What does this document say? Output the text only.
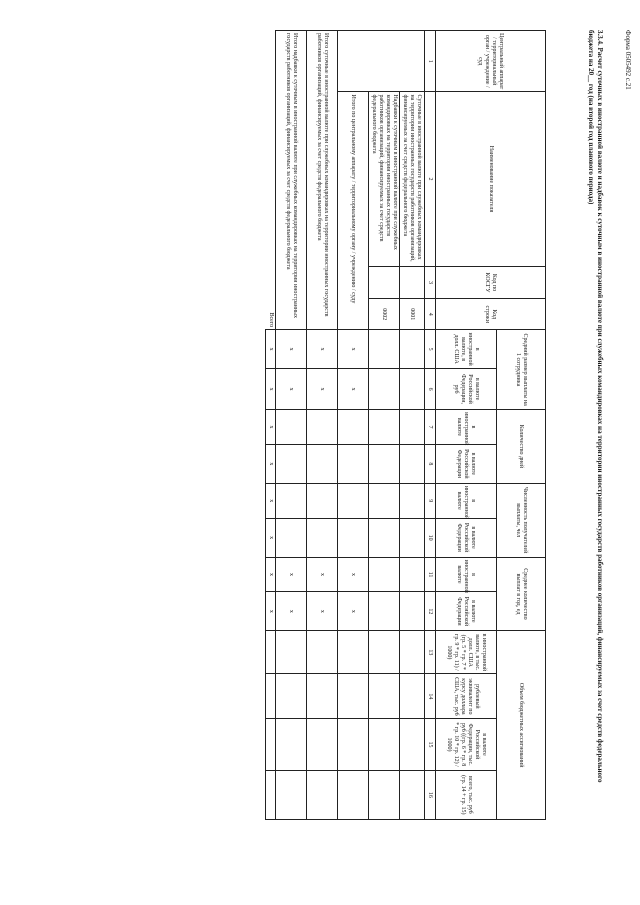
Форма 0505492 с.21
3.3.4. Расчет суточных в иностранной валюте и надбавок к суточным в иностранной валюте при служебных командировках на территории иностранных государств работников организаций, финансируемых за счет средств федерального бюджета на 20__ год (на второй год планового периода)
Центральный аппарат / территориальный орган / учреждение / суд	Наименование показателя	Код по КОСГУ	Код строки	Средний размер выплаты на 1 сотрудника		Количество дней		Численность получателей выплаты, чел		Среднее количество выплат в год, ед		Объем бюджетных ассигнований			
				в иностранной валюте, в долл. США	в валюте Российской Федерации, руб	в иностранной валюте	в валюте Российской Федерации	в иностранной валюте	в валюте Российской Федерации	в иностранной валюте	в валюте Российской Федерации	в иностранной валюте, в тыс. долл. США (гр. 5 * гр. 7 * гр. 9 * гр. 11) / 1000)	рублевый эквивалент по курсу доллара США, тыс. руб	в валюте Российской Федерации, тыс. руб ((гр. 6 * гр. 8 * гр. 10 * гр. 12) / 1000)	всего, тыс. руб (гр. 14 + гр. 15)
1	2	3	4	5	6	7	8	9	10	11	12	13	14	15	16
	Суточные в иностранной валюте при служебных командировках на территории иностранных государств работников организаций, финансируемых за счет средств федерального бюджета		0001												
	Надбавки к суточным в иностранной валюте при служебных командировках на территории иностранных государств работников организаций, финансируемых за счет средств федерального бюджета		0002												
	Итого по центральному аппарату / территориальному органу / учреждению / суду			x	x					x	x				
Итого суточные в иностранной валюте при служебных командировках на территории иностранных государств работников организаций, финансируемых за счет средств федерального бюджета				x	x					x	x				
Итого надбавки к суточным в иностранной валюте при служебных командировках на территории иностранных государств работников организаций, финансируемых за счет средств федерального бюджета				x	x					x	x				
Всего				x	x	x	x	x	x	x	x				
